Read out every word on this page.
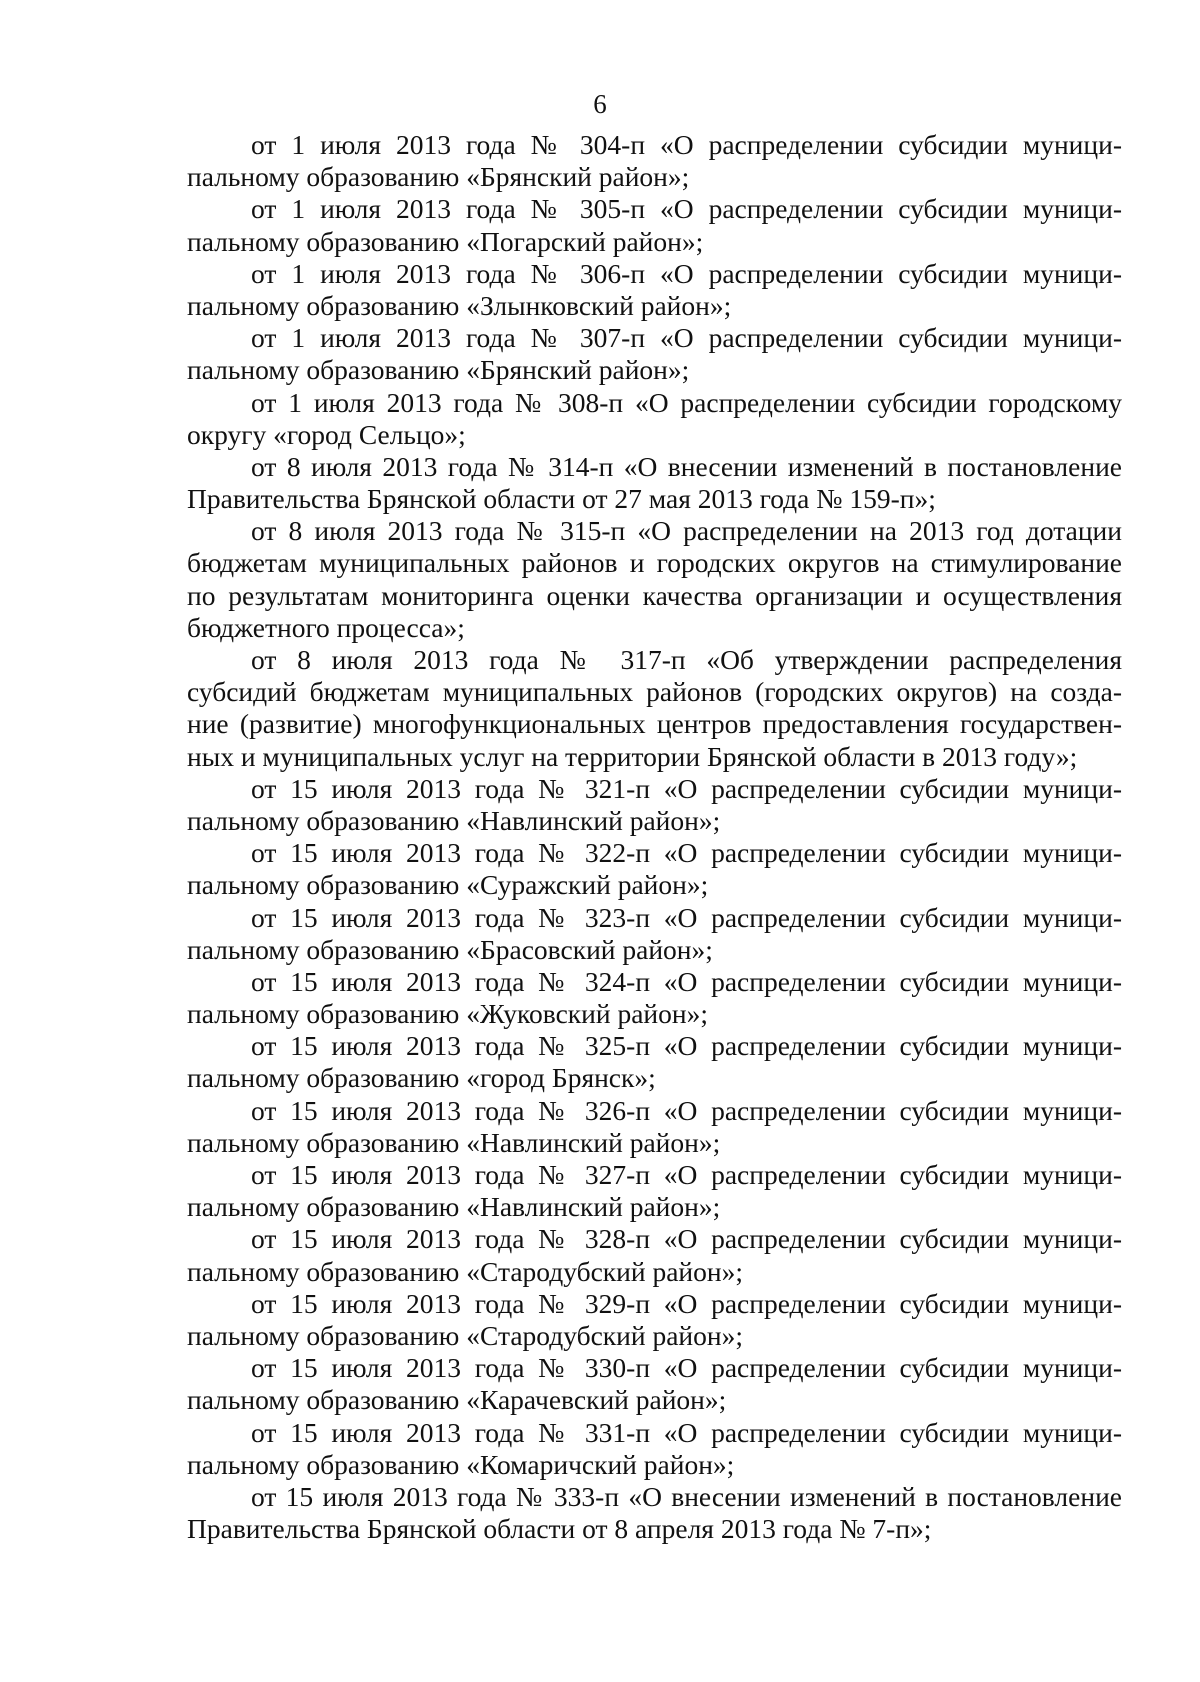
6
от 1 июля 2013 года № 304-п «О распределении субсидии муници-
пальному образованию «Брянский район»;
от 1 июля 2013 года № 305-п «О распределении субсидии муници-
пальному образованию «Погарский район»;
от 1 июля 2013 года № 306-п «О распределении субсидии муници-
пальному образованию «Злынковский район»;
от 1 июля 2013 года № 307-п «О распределении субсидии муници-
пальному образованию «Брянский район»;
от 1 июля 2013 года № 308-п «О распределении субсидии городскому
округу «город Сельцо»;
от 8 июля 2013 года № 314-п «О внесении изменений в постановление
Правительства Брянской области от 27 мая 2013 года № 159-п»;
от 8 июля 2013 года № 315-п «О распределении на 2013 год дотации
бюджетам муниципальных районов и городских округов на стимулирование
по результатам мониторинга оценки качества организации и осуществления
бюджетного процесса»;
от 8 июля 2013 года № 317-п «Об утверждении распределения
субсидий бюджетам муниципальных районов (городских округов) на созда-
ние (развитие) многофункциональных центров предоставления государствен-
ных и муниципальных услуг на территории Брянской области в 2013 году»;
от 15 июля 2013 года № 321-п «О распределении субсидии муници-
пальному образованию «Навлинский район»;
от 15 июля 2013 года № 322-п «О распределении субсидии муници-
пальному образованию «Суражский район»;
от 15 июля 2013 года № 323-п «О распределении субсидии муници-
пальному образованию «Брасовский район»;
от 15 июля 2013 года № 324-п «О распределении субсидии муници-
пальному образованию «Жуковский район»;
от 15 июля 2013 года № 325-п «О распределении субсидии муници-
пальному образованию «город Брянск»;
от 15 июля 2013 года № 326-п «О распределении субсидии муници-
пальному образованию «Навлинский район»;
от 15 июля 2013 года № 327-п «О распределении субсидии муници-
пальному образованию «Навлинский район»;
от 15 июля 2013 года № 328-п «О распределении субсидии муници-
пальному образованию «Стародубский район»;
от 15 июля 2013 года № 329-п «О распределении субсидии муници-
пальному образованию «Стародубский район»;
от 15 июля 2013 года № 330-п «О распределении субсидии муници-
пальному образованию «Карачевский район»;
от 15 июля 2013 года № 331-п «О распределении субсидии муници-
пальному образованию «Комаричский район»;
от 15 июля 2013 года № 333-п «О внесении изменений в постановление
Правительства Брянской области от 8 апреля 2013 года № 7-п»;
